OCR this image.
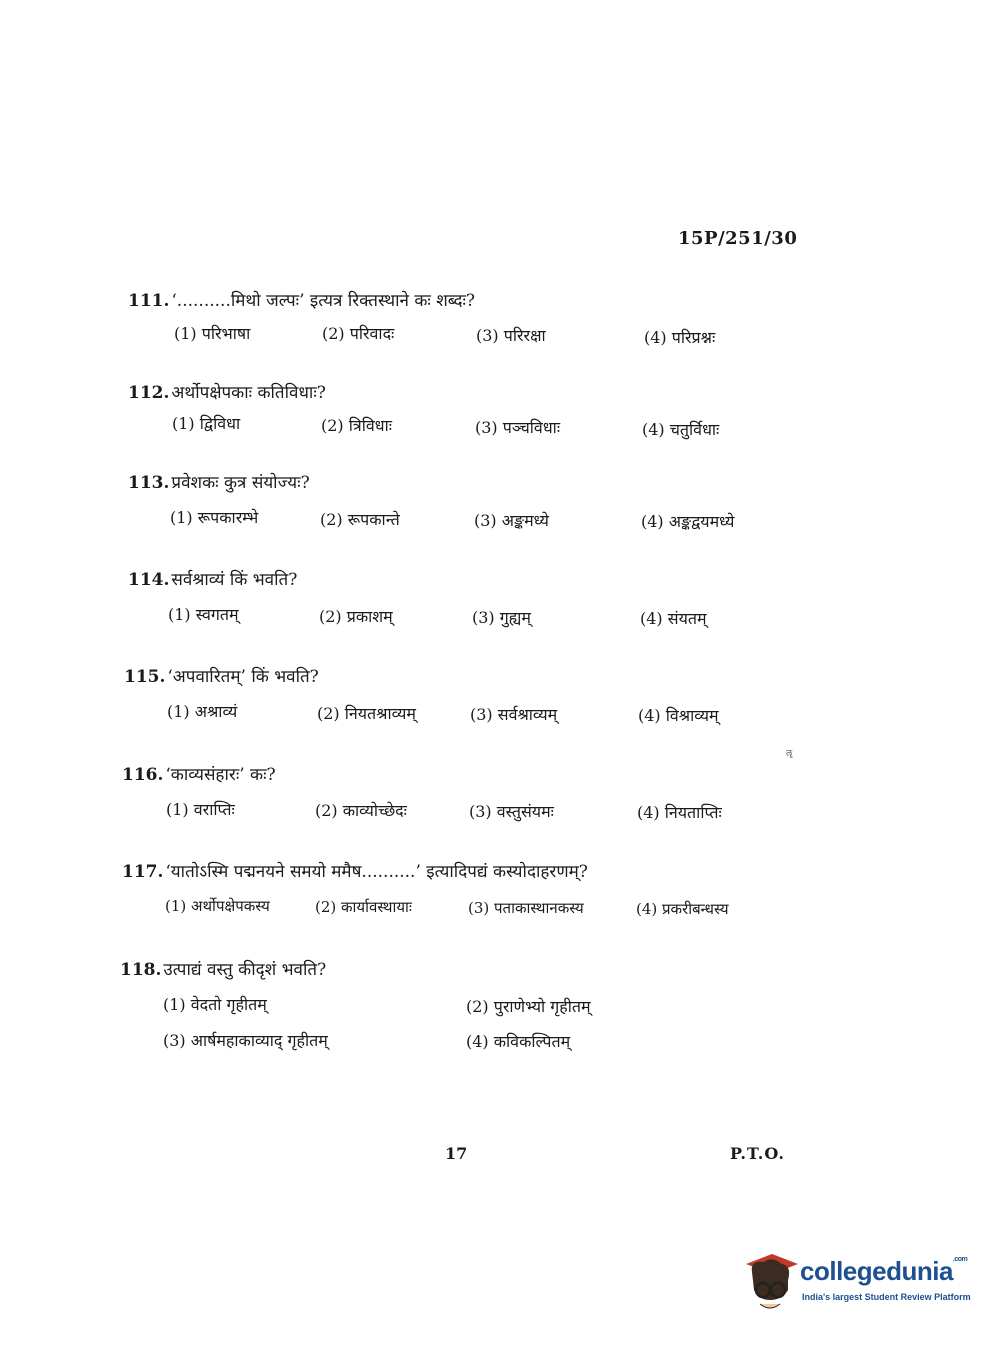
15P/251/30
111. ‘..........मिथो जल्पः’ इत्यत्र रिक्तस्थाने कः शब्दः?
(1) परिभाषा	(2) परिवादः	(3) परिरक्षा	(4) परिप्रश्नः
112. अर्थोपक्षेपकाः कतिविधाः?
(1) द्विविधा	(2) त्रिविधाः	(3) पञ्चविधाः	(4) चतुर्विधाः
113. प्रवेशकः कुत्र संयोज्यः?
(1) रूपकारम्भे	(2) रूपकान्ते	(3) अङ्कमध्ये	(4) अङ्कद्वयमध्ये
114. सर्वश्राव्यं किं भवति?
(1) स्वगतम्	(2) प्रकाशम्	(3) गुह्यम्	(4) संयतम्
115. ‘अपवारितम्’ किं भवति?
(1) अश्राव्यं	(2) नियतश्राव्यम्	(3) सर्वश्राव्यम्	(4) विश्राव्यम्
ॡ
116. ‘काव्यसंहारः’ कः?
(1) वराप्तिः	(2) काव्योच्छेदः	(3) वस्तुसंयमः	(4) नियताप्तिः
117. ‘यातोऽस्मि पद्मनयने समयो ममैष..........’ इत्यादिपद्यं कस्योदाहरणम्?
(1) अर्थोपक्षेपकस्य	(2) कार्यावस्थायाः	(3) पताकास्थानकस्य	(4) प्रकरीबन्धस्य
118. उत्पाद्यं वस्तु कीदृशं भवति?
(1) वेदतो गृहीतम्	(2) पुराणेभ्यो गृहीतम्
(3) आर्षमहाकाव्याद् गृहीतम्	(4) कविकल्पितम्
17	P.T.O.
collegedunia$^{.com}$
India's largest Student Review Platform
